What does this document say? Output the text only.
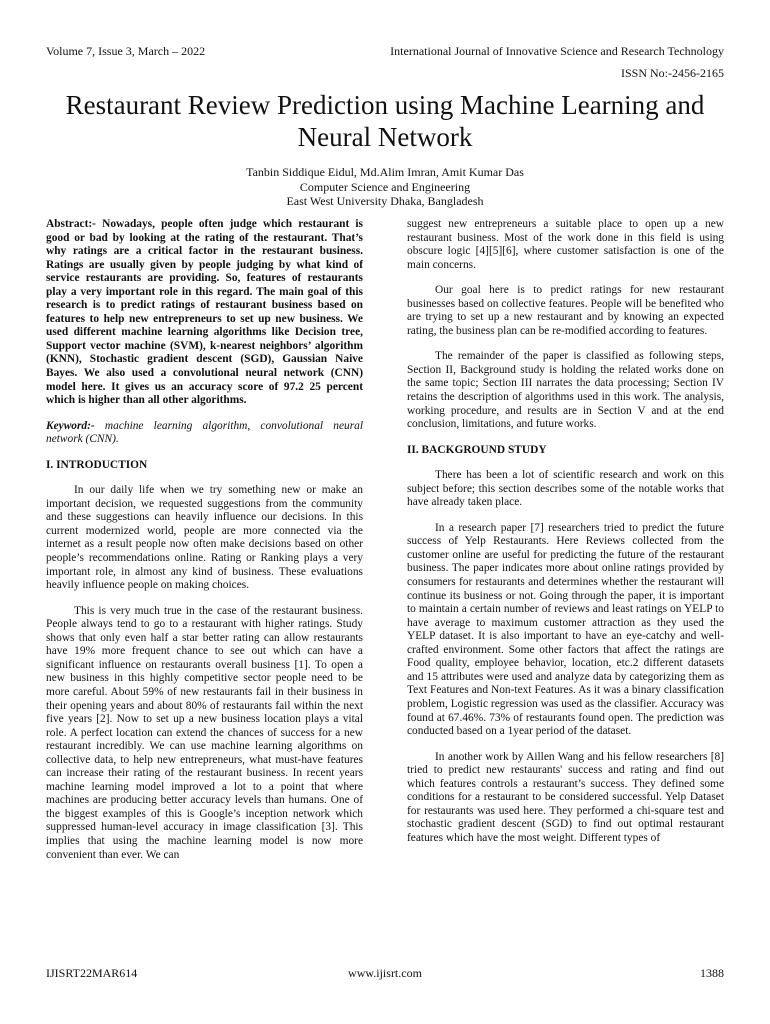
Volume 7, Issue 3, March – 2022	International Journal of Innovative Science and Research Technology
ISSN No:-2456-2165
Restaurant Review Prediction using Machine Learning and Neural Network
Tanbin Siddique Eidul, Md.Alim Imran, Amit Kumar Das
Computer Science and Engineering
East West University Dhaka, Bangladesh

Abstract:- Nowadays, people often judge which restaurant is good or bad by looking at the rating of the restaurant. That’s why ratings are a critical factor in the restaurant business. Ratings are usually given by people judging by what kind of service restaurants are providing. So, features of restaurants play a very important role in this regard. The main goal of this research is to predict ratings of restaurant business based on features to help new entrepreneurs to set up new business. We used different machine learning algorithms like Decision tree, Support vector machine (SVM), k-nearest neighbors’ algorithm (KNN), Stochastic gradient descent (SGD), Gaussian Naive Bayes. We also used a convolutional neural network (CNN) model here. It gives us an accuracy score of 97.2 25 percent which is higher than all other algorithms.

Keyword:- machine learning algorithm, convolutional neural network (CNN).

I. INTRODUCTION

In our daily life when we try something new or make an important decision, we requested suggestions from the community and these suggestions can heavily influence our decisions. In this current modernized world, people are more connected via the internet as a result people now often make decisions based on other people’s recommendations online. Rating or Ranking plays a very important role, in almost any kind of business. These evaluations heavily influence people on making choices.

This is very much true in the case of the restaurant business. People always tend to go to a restaurant with higher ratings. Study shows that only even half a star better rating can allow restaurants have 19% more frequent chance to see out which can have a significant influence on restaurants overall business [1]. To open a new business in this highly competitive sector people need to be more careful. About 59% of new restaurants fail in their business in their opening years and about 80% of restaurants fail within the next five years [2]. Now to set up a new business location plays a vital role. A perfect location can extend the chances of success for a new restaurant incredibly. We can use machine learning algorithms on collective data, to help new entrepreneurs, what must-have features can increase their rating of the restaurant business. In recent years machine learning model improved a lot to a point that where machines are producing better accuracy levels than humans. One of the biggest examples of this is Google’s inception network which suppressed human-level accuracy in image classification [3]. This implies that using the machine learning model is now more convenient than ever. We can

suggest new entrepreneurs a suitable place to open up a new restaurant business. Most of the work done in this field is using obscure logic [4][5][6], where customer satisfaction is one of the main concerns.

Our goal here is to predict ratings for new restaurant businesses based on collective features. People will be benefited who are trying to set up a new restaurant and by knowing an expected rating, the business plan can be re-modified according to features.

The remainder of the paper is classified as following steps, Section II, Background study is holding the related works done on the same topic; Section III narrates the data processing; Section IV retains the description of algorithms used in this work. The analysis, working procedure, and results are in Section V and at the end conclusion, limitations, and future works.

II. BACKGROUND STUDY

There has been a lot of scientific research and work on this subject before; this section describes some of the notable works that have already taken place.

In a research paper [7] researchers tried to predict the future success of Yelp Restaurants. Here Reviews collected from the customer online are useful for predicting the future of the restaurant business. The paper indicates more about online ratings provided by consumers for restaurants and determines whether the restaurant will continue its business or not. Going through the paper, it is important to maintain a certain number of reviews and least ratings on YELP to have average to maximum customer attraction as they used the YELP dataset. It is also important to have an eye-catchy and well-crafted environment. Some other factors that affect the ratings are Food quality, employee behavior, location, etc.2 different datasets and 15 attributes were used and analyze data by categorizing them as Text Features and Non-text Features. As it was a binary classification problem, Logistic regression was used as the classifier. Accuracy was found at 67.46%. 73% of restaurants found open. The prediction was conducted based on a 1year period of the dataset.

In another work by Aillen Wang and his fellow researchers [8] tried to predict new restaurants' success and rating and find out which features controls a restaurant’s success. They defined some conditions for a restaurant to be considered successful. Yelp Dataset for restaurants was used here. They performed a chi-square test and stochastic gradient descent (SGD) to find out optimal restaurant features which have the most weight. Different types of

IJISRT22MAR614	www.ijisrt.com	1388
